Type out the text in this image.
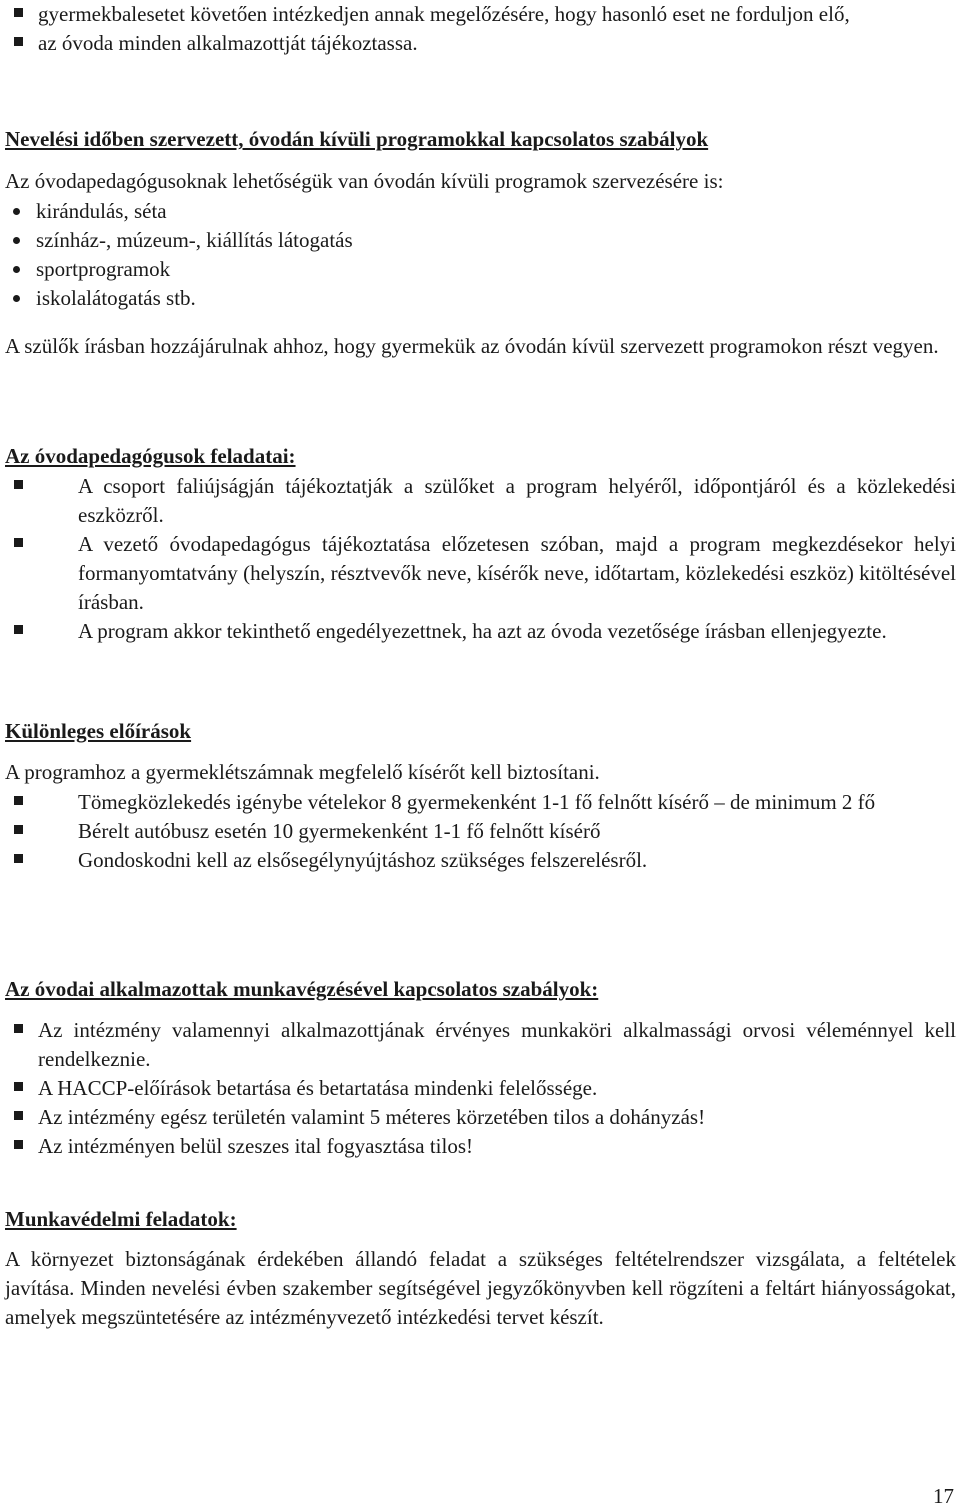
gyermekbalesetet követően intézkedjen annak megelőzésére, hogy hasonló eset ne forduljon elő,
az óvoda minden alkalmazottját tájékoztassa.

Nevelési időben szervezett, óvodán kívüli programokkal kapcsolatos szabályok

Az óvodapedagógusoknak lehetőségük van óvodán kívüli programok szervezésére is:

kirándulás, séta
színház-, múzeum-, kiállítás látogatás
sportprogramok
iskolalátogatás stb.

A szülők írásban hozzájárulnak ahhoz, hogy gyermekük az óvodán kívül szervezett programokon részt vegyen.

Az óvodapedagógusok feladatai:

A csoport faliújságján tájékoztatják a szülőket a program helyéről, időpontjáról és a közlekedési eszközről.
A vezető óvodapedagógus tájékoztatása előzetesen szóban, majd a program megkezdésekor helyi formanyomtatvány (helyszín, résztvevők neve, kísérők neve, időtartam, közlekedési eszköz) kitöltésével írásban.
A program akkor tekinthető engedélyezettnek, ha azt az óvoda vezetősége írásban ellenjegyezte.

Különleges előírások

A programhoz a gyermeklétszámnak megfelelő kísérőt kell biztosítani.

Tömegközlekedés igénybe vételekor 8 gyermekenként 1-1 fő felnőtt kísérő – de minimum 2 fő
Bérelt autóbusz esetén 10 gyermekenként 1-1 fő felnőtt kísérő
Gondoskodni kell az elsősegélynyújtáshoz szükséges felszerelésről.

Az óvodai alkalmazottak munkavégzésével kapcsolatos szabályok:

Az intézmény valamennyi alkalmazottjának érvényes munkaköri alkalmassági orvosi véleménnyel kell rendelkeznie.
A HACCP-előírások betartása és betartatása mindenki felelőssége.
Az intézmény egész területén valamint 5 méteres körzetében tilos a dohányzás!
Az intézményen belül szeszes ital fogyasztása tilos!

Munkavédelmi feladatok:

A környezet biztonságának érdekében állandó feladat a szükséges feltételrendszer vizsgálata, a feltételek javítása. Minden nevelési évben szakember segítségével jegyzőkönyvben kell rögzíteni a feltárt hiányosságokat, amelyek megszüntetésére az intézményvezető intézkedési tervet készít.

17
